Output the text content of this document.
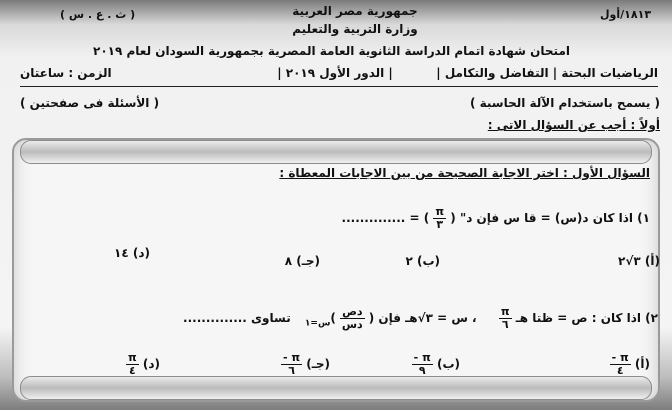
١٨١٣/أول
( ث . ع . س )	جمهورية مصر العربية
وزارة التربية والتعليم
امتحان شهادة اتمام الدراسة الثانوية العامة المصرية بجمهورية السودان لعام ٢٠١٩
الرياضيات البحتة | التفاضل والتكامل |
| الدور الأول ٢٠١٩ |
الزمن : ساعتان
( يسمح باستخدام الآلة الحاسبة )
( الأسئلة فى صفحتين )
أولاً : أجب عن السؤال الاتى :
السؤال الأول : اختر الاجابة الصحيحة من بين الاجابات المعطاة :
١) اذا كان د(س) = قا س فإن د" (
$\frac{\pi}{٣}$
) = ..............
(أ) ٣√٢
(ب) ٢
(جـ) ٨
(د) ١٤
٢) اذا كان : ص = ظتا هـ
$\frac{\pi}{٦}$
، س = ٣√هـ فإن (
$\frac{\text{دص}}{\text{دس}}$
)$_{س=١}$ تساوى ..............
(أ)
$\frac{\pi -}{٤}$
(ب)
$\frac{\pi -}{٩}$
(جـ)
$\frac{\pi -}{٦}$
(د)
$\frac{\pi}{٤}$
